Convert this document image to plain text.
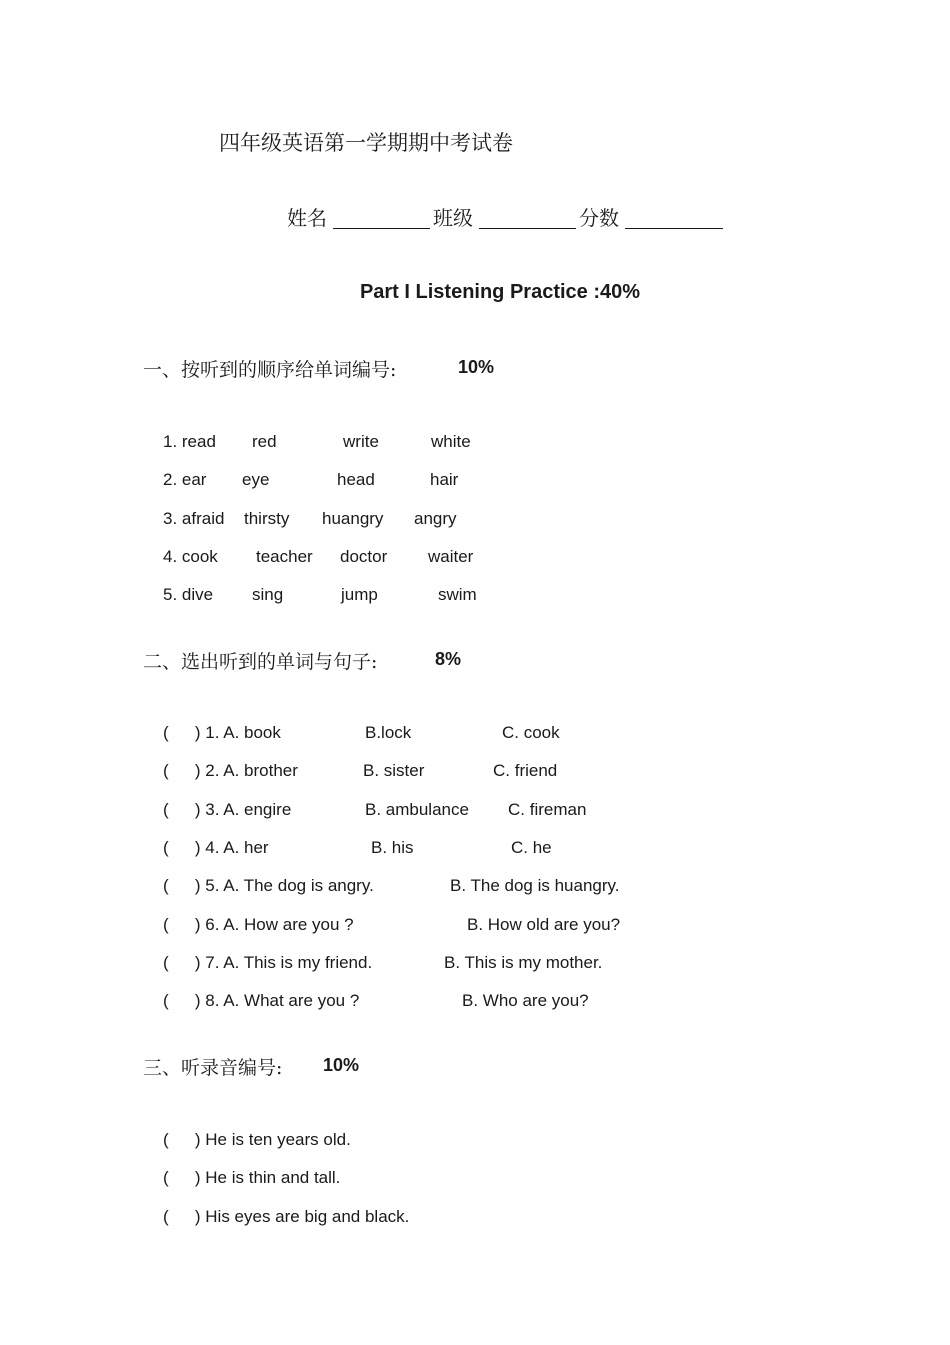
四年级英语第一学期期中考试卷
姓名	班级	分数
Part I Listening Practice :40%
一、按听到的顺序给单词编号:	10%
1. read red	write	white
2. ear eye	head	hair
3. afraid thirsty huangry angry
4. cook teacher doctor waiter
5. dive sing	jump	swim
二、选出听到的单词与句子:	8%
( ) 1. A. book	B.lock	C. cook
( ) 2. A. brother	B. sister	C. friend
( ) 3. A. engire	B. ambulance C. fireman
( ) 4. A. her	B. his	C. he
( ) 5. A. The dog is angry.	B. The dog is huangry.
( ) 6. A. How are you ?	B. How old are you?
( ) 7. A. This is my friend.	B. This is my mother.
( ) 8. A. What are you ?	B. Who are you?
三、听录音编号: 10%
( ) He is ten years old.
( ) He is thin and tall.
( ) His eyes are big and black.
